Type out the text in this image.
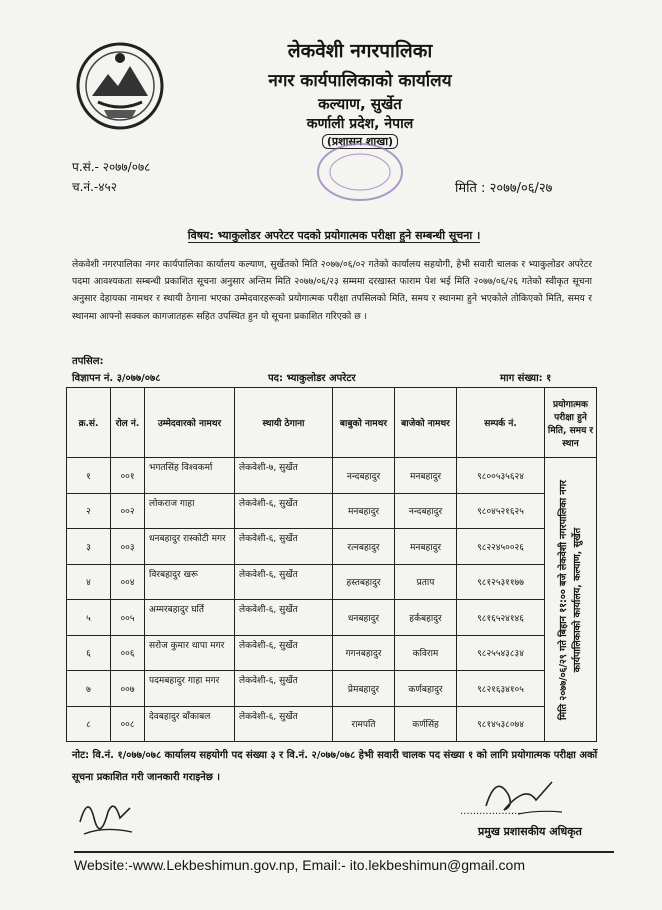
लेकवेशी नगरपालिका
नगर कार्यपालिकाको कार्यालय
कल्याण, सुर्खेत
कर्णाली प्रदेश, नेपाल
(प्रशासन शाखा)
प.सं.- २०७७/०७८
च.नं.-४५२	मिति : २०७७/०६/२७
विषय: भ्याकुलोडर अपरेटर पदको प्रयोगात्मक परीक्षा हुने सम्बन्धी सूचना ।
लेकवेशी नगरपालिका नगर कार्यपालिका कार्यालय कल्याण, सुर्खेतको मिति २०७७/०६/०२ गतेको कार्यालय सहयोगी, हेभी सवारी चालक र भ्याकुलोडर अपरेटर पदमा आवश्यकता सम्बन्धी प्रकाशित सूचना अनुसार अन्तिम मिति २०७७/०६/२३ सम्ममा दरखास्त फाराम पेश भई मिति २०७७/०६/२६ गतेको स्वीकृत सूचना अनुसार देहायका नामथर र स्थायी ठेगाना भएका उम्मेदवारहरूको प्रयोगात्मक परीक्षा तपसिलको मिति, समय र स्थानमा हुने भएकोले तोकिएको मिति, समय र स्थानमा आफ्नो सक्कल कागजातहरू सहित उपस्थित हुन यो सूचना प्रकाशित गरिएको छ ।
तपसिल:
विज्ञापन नं. ३/०७७/०७८	पद: भ्याकुलोडर अपरेटर	माग संख्या: १
क्र.सं.	रोल नं.	उम्मेदवारको नामथर	स्थायी ठेगाना	बाबुको नामथर	बाजेको नामथर	सम्पर्क नं.	प्रयोगात्मक परीक्षा हुने मिति, समय र स्थान
१	००१	भगतसिंह विश्वकर्मा	लेकवेशी-७, सुर्खेत	नन्दबहादुर	मनबहादुर	९८००५३५६२४	मिति २०७७/०६/२९ गते बिहान ११:०० बजे लेकवेशी नगरपालिका नगर कार्यपालिकाको कार्यालय, कल्याण, सुर्खेत

२	००२	लोकराज गाहा	लेकवेशी-६, सुर्खेत	मनबहादुर	नन्दबहादुर	९८०४५२१६२५	
३	००३	धनबहादुर रास्कोटी मगर	लेकवेशी-६, सुर्खेत	रत्नबहादुर	मनबहादुर	९८२२४५००२६	
४	००४	विरबहादुर खरू	लेकवेशी-६, सुर्खेत	हस्तबहादुर	प्रताप	९८१२५३११७७	
५	००५	अम्मरबहादुर घर्ति	लेकवेशी-६, सुर्खेत	धनबहादुर	हर्कबहादुर	९८१६५२४१४६	
६	००६	सरोज कुमार थापा मगर	लेकवेशी-६, सुर्खेत	गगनबहादुर	कविराम	९८२५५४३८३४	
७	००७	पदमबहादुर गाहा मगर	लेकवेशी-६, सुर्खेत	प्रेमबहादुर	कर्णबहादुर	९८२१६३४१०५	
८	००८	देवबहादुर बाँकाबल	लेकवेशी-६, सुर्खेत	रामपति	कर्णसिंह	९८१४५३८०७४	
नोट: वि.नं. १/०७७/०७८ कार्यालय सहयोगी पद संख्या ३ र वि.नं. २/०७७/०७८ हेभी सवारी चालक पद संख्या १ को लागि प्रयोगात्मक परीक्षा अर्को सूचना प्रकाशित गरी जानकारी गराइनेछ ।
...................
प्रमुख प्रशासकीय अधिकृत
Website:-www.Lekbeshimun.gov.np, Email:- ito.lekbeshimun@gmail.com
